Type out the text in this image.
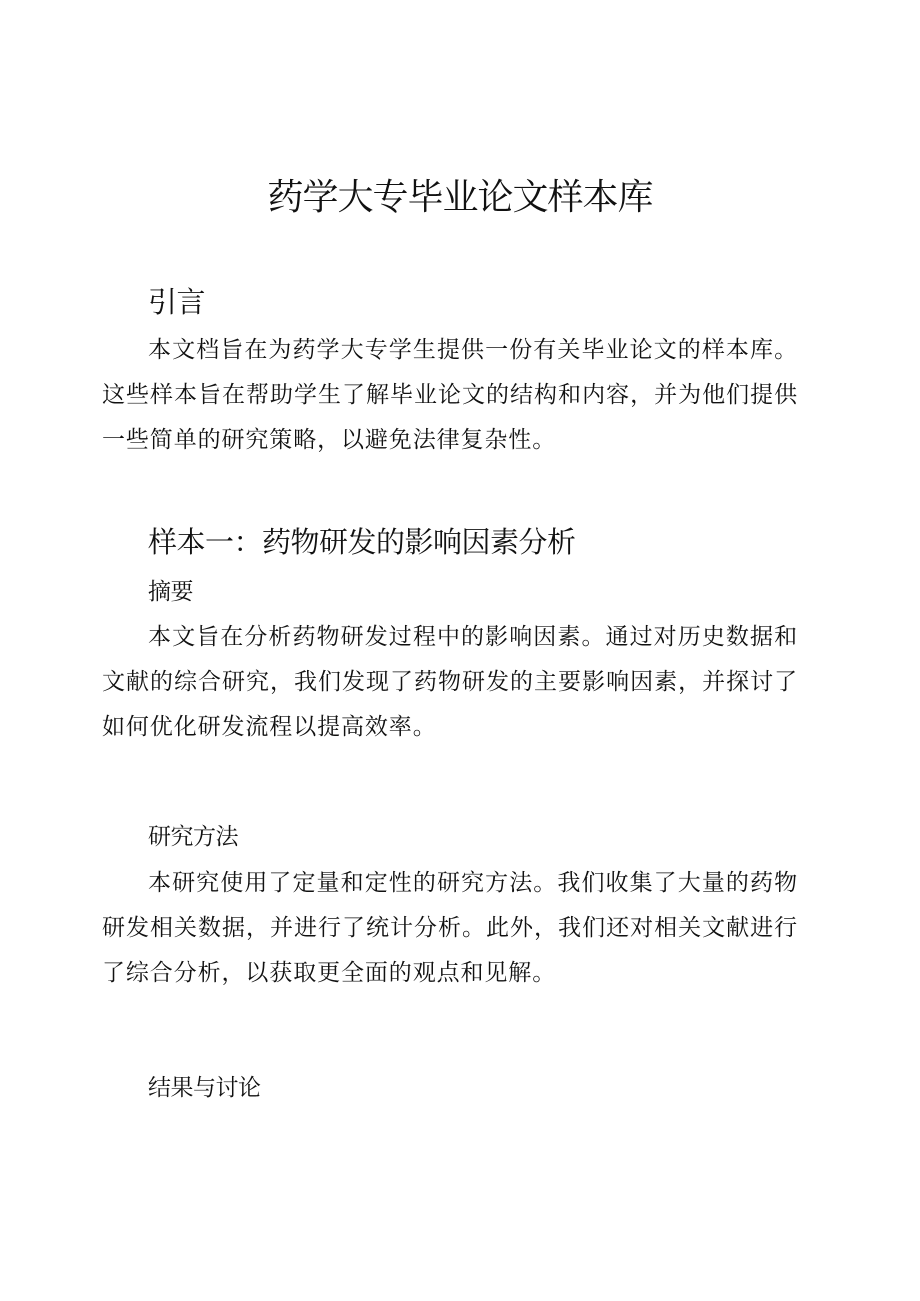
药学大专毕业论文样本库
引言

本文档旨在为药学大专学生提供一份有关毕业论文的样本库。这些样本旨在帮助学生了解毕业论文的结构和内容，并为他们提供一些简单的研究策略，以避免法律复杂性。

样本一：药物研发的影响因素分析
摘要

本文旨在分析药物研发过程中的影响因素。通过对历史数据和文献的综合研究，我们发现了药物研发的主要影响因素，并探讨了如何优化研发流程以提高效率。

研究方法

本研究使用了定量和定性的研究方法。我们收集了大量的药物研发相关数据，并进行了统计分析。此外，我们还对相关文献进行了综合分析，以获取更全面的观点和见解。

结果与讨论
